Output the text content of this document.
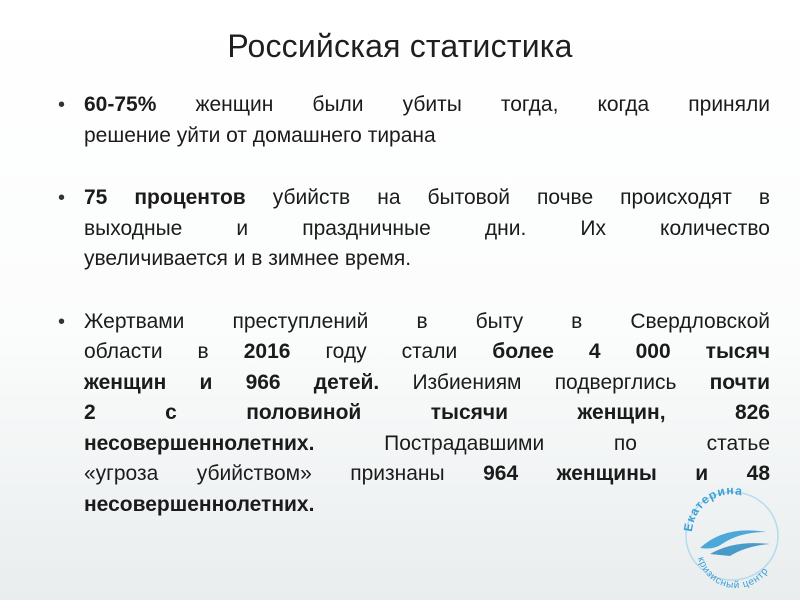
Российская статистика
• 60-75% женщин были убиты тогда, когда приняли
решение уйти от домашнего тирана
• 75 процентов убийств на бытовой почве происходят в
выходные и праздничные дни. Их количество
увеличивается и в зимнее время.
• Жертвами преступлений в быту в Свердловской
области в 2016 году стали более 4 000 тысяч
женщин и 966 детей. Избиениям подверглись почти
2 с половиной тысячи женщин, 826
несовершеннолетних. Пострадавшими по статье
«угроза убийством» признаны 964 женщины и 48
несовершеннолетних.
Екатерина
кризисный центр
